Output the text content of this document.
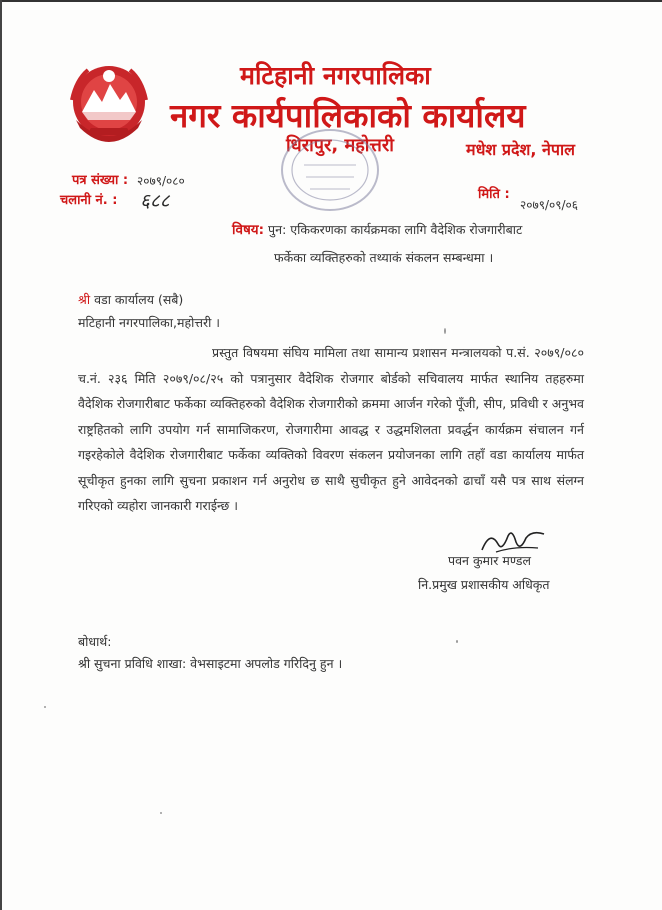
मटिहानी नगरपालिका
नगर कार्यपालिकाको कार्यालय
धिरापुर, महोत्तरी	मधेश प्रदेश, नेपाल
पत्र संख्या : २०७९/०८०
चलानी नं. : ६८८	मिति :
२०७९/०९/०६
विषय: पुन: एकिकरणका कार्यक्रमका लागि वैदेशिक रोजगारीबाट
फर्केका व्यक्तिहरुको तथ्याकं संकलन सम्बन्धमा ।
श्री वडा कार्यालय (सबै)
मटिहानी नगरपालिका,महोत्तरी ।
प्रस्तुत विषयमा संघिय मामिला तथा सामान्य प्रशासन मन्त्रालयको प.सं. २०७९/०८० च.नं. २३६ मिति २०७९/०८/२५ को पत्रानुसार वैदेशिक रोजगार बोर्डको सचिवालय मार्फत स्थानिय तहहरुमा वैदेशिक रोजगारीबाट फर्केका व्यक्तिहरुको वैदेशिक रोजगारीको क्रममा आर्जन गरेको पूँजी, सीप, प्रविधी र अनुभव राष्ट्रहितको लागि उपयोग गर्न सामाजिकरण, रोजगारीमा आवद्ध र उद्धमशिलता प्रवर्द्धन कार्यक्रम संचालन गर्न गइरहेकोले वैदेशिक रोजगारीबाट फर्केका व्यक्तिको विवरण संकलन प्रयोजनका लागि तहाँ वडा कार्यालय मार्फत सूचीकृत हुनका लागि सुचना प्रकाशन गर्न अनुरोध छ साथै सुचीकृत हुने आवेदनको ढाचाँ यसै पत्र साथ संलग्न गरिएको व्यहोरा जानकारी गराईन्छ ।
पवन कुमार मण्डल
नि.प्रमुख प्रशासकीय अधिकृत
बोधार्थ:
श्री सुचना प्रविधि शाखा: वेभसाइटमा अपलोड गरिदिनु हुन ।
